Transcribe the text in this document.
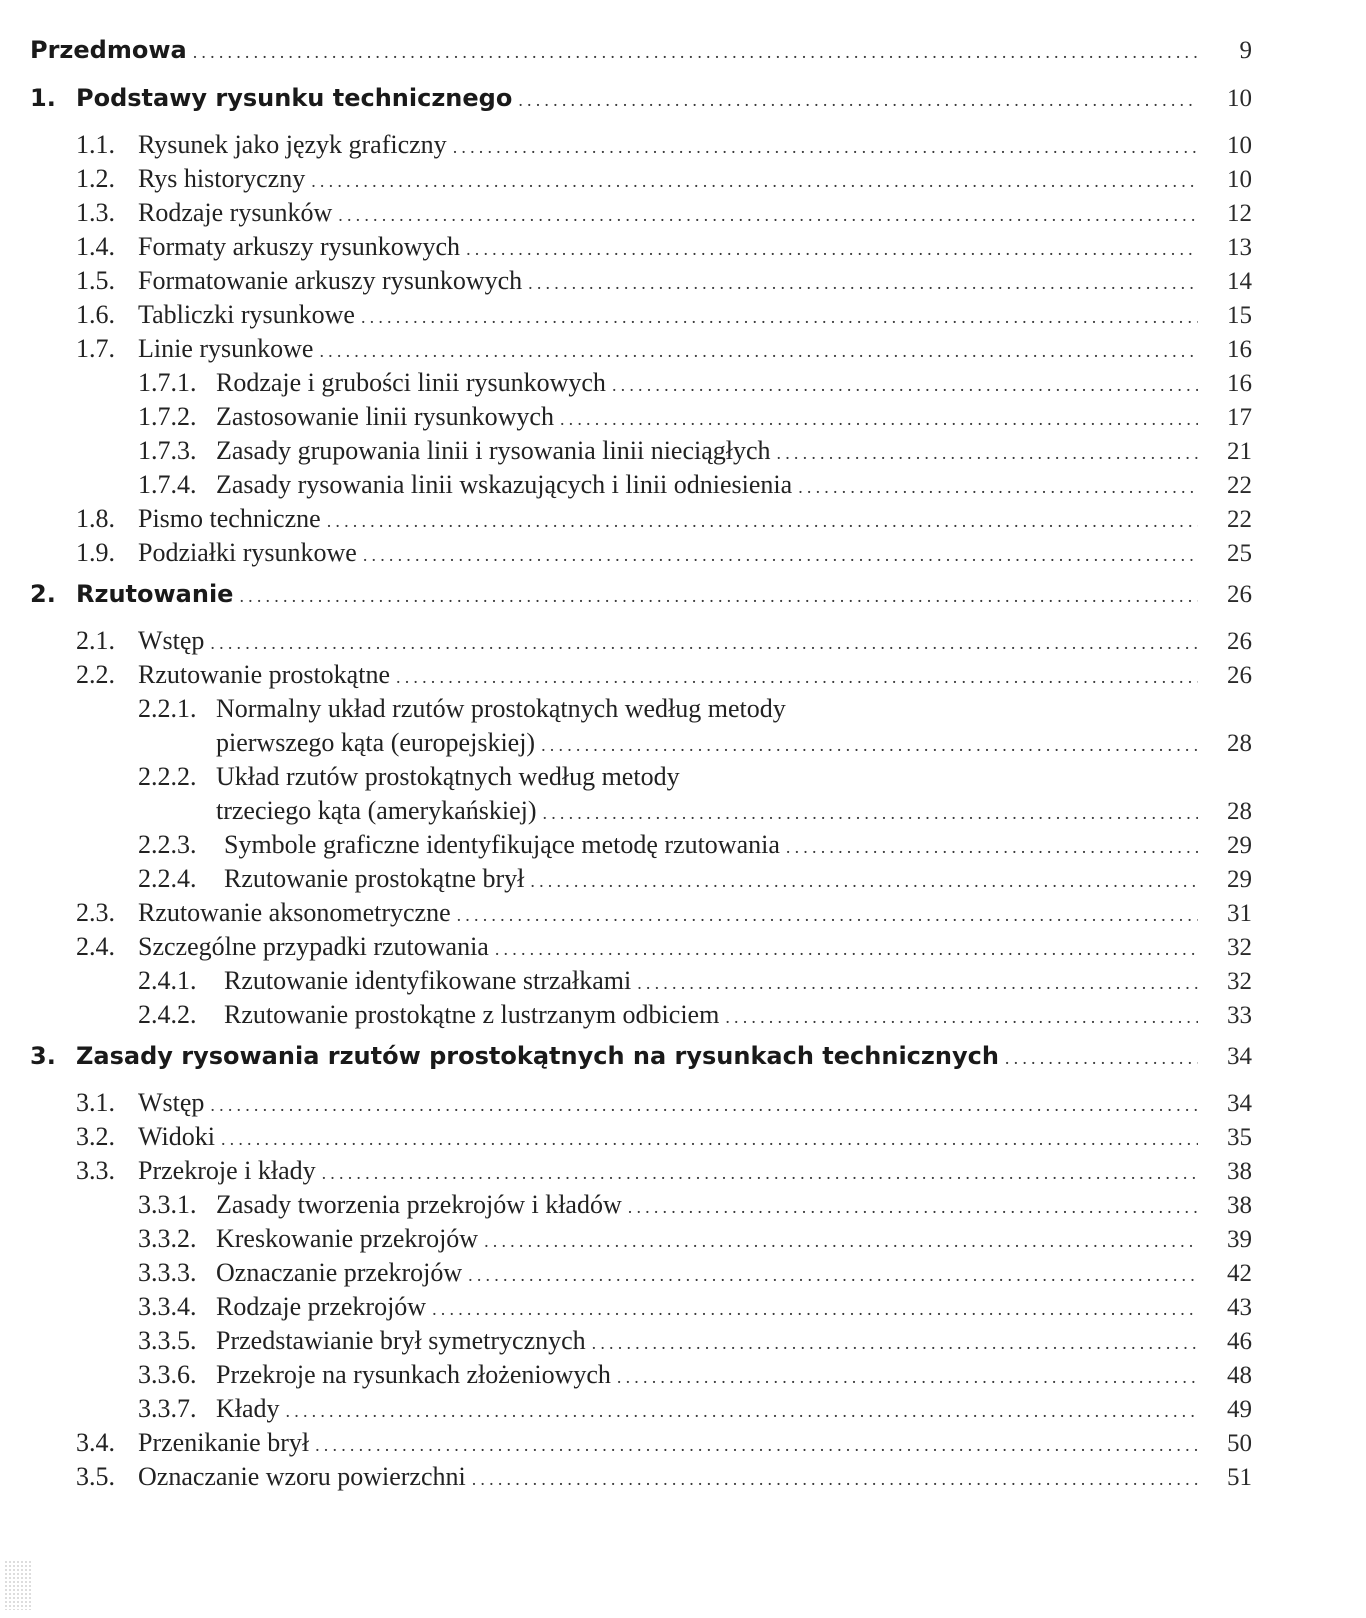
Przedmowa .....	9
1. Podstawy rysunku technicznego .....	10
1.1. Rysunek jako język graficzny .....	10
1.2. Rys historyczny .....	10
1.3. Rodzaje rysunków .....	12
1.4. Formaty arkuszy rysunkowych .....	13
1.5. Formatowanie arkuszy rysunkowych .....	14
1.6. Tabliczki rysunkowe .....	15
1.7. Linie rysunkowe .....	16
1.7.1. Rodzaje i grubości linii rysunkowych .....	16
1.7.2. Zastosowanie linii rysunkowych .....	17
1.7.3. Zasady grupowania linii i rysowania linii nieciągłych .....	21
1.7.4. Zasady rysowania linii wskazujących i linii odniesienia .....	22
1.8. Pismo techniczne .....	22
1.9. Podziałki rysunkowe .....	25
2. Rzutowanie .....	26
2.1. Wstęp .....	26
2.2. Rzutowanie prostokątne .....	26
2.2.1. Normalny układ rzutów prostokątnych według metody
pierwszego kąta (europejskiej) .....	28
2.2.2. Układ rzutów prostokątnych według metody
trzeciego kąta (amerykańskiej) .....	28
2.2.3.	Symbole graficzne identyfikujące metodę rzutowania .....	29
2.2.4.	Rzutowanie prostokątne brył .....	29
2.3. Rzutowanie aksonometryczne .....	31
2.4. Szczególne przypadki rzutowania .....	32
2.4.1.	Rzutowanie identyfikowane strzałkami .....	32
2.4.2.	Rzutowanie prostokątne z lustrzanym odbiciem .....	33
3. Zasady rysowania rzutów prostokątnych na rysunkach technicznych .....	34
3.1. Wstęp .....	34
3.2. Widoki .....	35
3.3. Przekroje i kłady .....	38
3.3.1. Zasady tworzenia przekrojów i kładów .....	38
3.3.2. Kreskowanie przekrojów .....	39
3.3.3. Oznaczanie przekrojów .....	42
3.3.4. Rodzaje przekrojów .....	43
3.3.5. Przedstawianie brył symetrycznych .....	46
3.3.6. Przekroje na rysunkach złożeniowych .....	48
3.3.7. Kłady .....	49
3.4. Przenikanie brył .....	50
3.5. Oznaczanie wzoru powierzchni .....	51
